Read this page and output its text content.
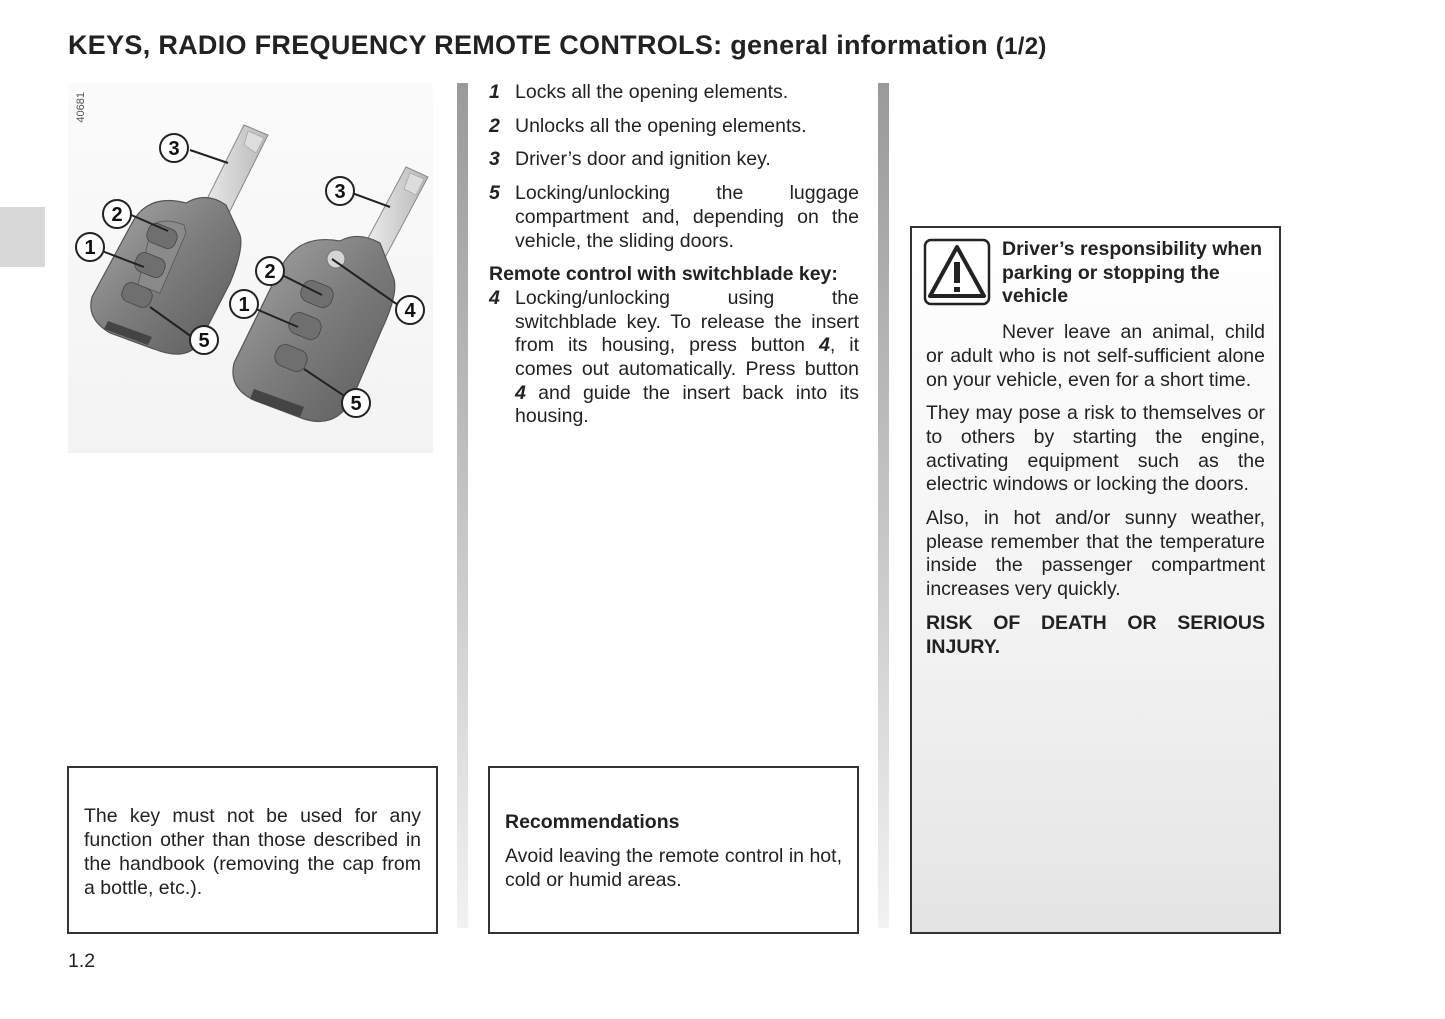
KEYS, RADIO FREQUENCY REMOTE CONTROLS: general information (1/2)
3
2
1
5
3
2
1	4
5
40681	1 Locks all the opening elements.
2 Unlocks all the opening elements.
3 Driver’s door and ignition key.
5 Locking/unlocking the luggage compartment and, depending on the vehicle, the sliding doors.
Remote control with switchblade key:
4 Locking/unlocking using the switchblade key. To release the insert from its housing, press button 4, it comes out automatically. Press button 4 and guide the insert back into its housing.
The key must not be used for any function other than those described in the handbook (removing the cap from a bottle, etc.).
Recommendations
Avoid leaving the remote control in hot, cold or humid areas.
Driver’s responsibility when parking or stopping the vehicle

Never leave an animal, child or adult who is not self-sufficient alone on your vehicle, even for a short time.

They may pose a risk to themselves or to others by starting the engine, activating equipment such as the electric windows or locking the doors.

Also, in hot and/or sunny weather, please remember that the temperature inside the passenger compartment increases very quickly.

RISK OF DEATH OR SERIOUS INJURY.

1.2
